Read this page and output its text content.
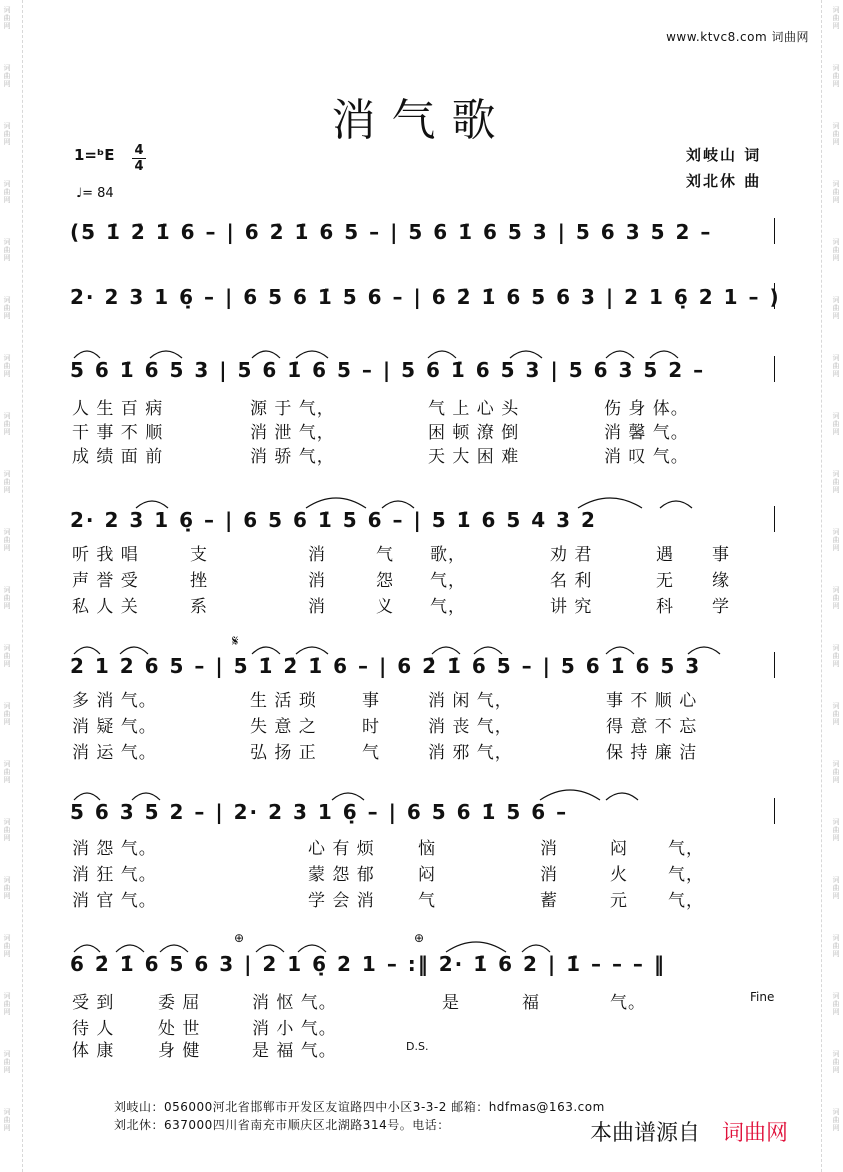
词
曲
网
词
曲
网
词
曲
网
词
曲
网
词
曲
网
词
曲
网
词
曲
网
词
曲
网
词
曲
网
词
曲
网
词
曲
网
词
曲
网
词
曲
网
词
曲
网
词
曲
网
词
曲
网
词
曲
网
词
曲
网
词
曲
网
词
曲
网
词
曲
网
词
曲
网
词
曲
网
词
曲
网
词
曲
网
词
曲
网
词
曲
网
词
曲
网
词
曲
网
词
曲
网
词
曲
网
词
曲
网
词
曲
网
词
曲
网
词
曲
网
词
曲
网
词
曲
网
词
曲
网
词
曲
网
词
曲
网
www.ktvc8.com 词曲网
消气歌
1=ᵇE 4
4
♩= 84
刘岐山 词
刘北休 曲
(5 1̇ 2̇ 1̇ 6 – | 6 2̇ 1̇ 6 5 – | 5 6 1̇ 6 5 3 | 5 6 3 5 2 –
2· 2 3 1 6̣ – | 6 5 6 1̇ 5 6 – | 6 2̇ 1̇ 6 5 6 3 | 2 1 6̣ 2 1 – )
5 6 1̇ 6 5 3 | 5 6 1̇ 6 5 – | 5 6 1̇ 6 5 3 | 5 6 3 5 2 –
2· 2 3 1 6̣ – | 6 5 6 1̇ 5 6 – | 5 1̇ 6 5 4 3 2
2 1 2 6 5 – | 5 1̇ 2̇ 1̇ 6 – | 6 2̇ 1̇ 6 5 – | 5 6 1̇ 6 5 3
5 6 3 5 2 – | 2· 2 3 1 6̣ – | 6 5 6 1̇ 5 6 –
6 2̇ 1̇ 6 5 6 3 | 2 1 6̣ 2 1 – :‖ 2· 1̇ 6 2 | 1̇ – – – ‖
𝄋
⊕	⊕
Fine
D.S.
人 生 百 病	源 于 气，	气 上 心 头	伤 身 体。
干 事 不 顺	消 泄 气，	困 顿 潦 倒	消 馨 气。
成 绩 面 前	消 骄 气，	天 大 困 难	消 叹 气。
听 我 唱	支	消	气 歌，	劝 君	遇 事
声 誉 受	挫	消	怨 气，	名 利	无 缘
私 人 关	系	消	义 气，	讲 究	科 学
多 消 气。	生 活 琐	事	消 闲 气，	事 不 顺 心
消 疑 气。	失 意 之	时	消 丧 气，	得 意 不 忘
消 运 气。	弘 扬 正	气	消 邪 气，	保 持 廉 洁
消 怨 气。	心 有 烦	恼	消	闷 气，
消 狂 气。	蒙 怨 郁	闷	消	火 气，
消 官 气。	学 会 消	气	蓄	元 气，
受 到	委 屈	消 怄 气。	是	福	气。
待 人	处 世	消 小 气。
体 康	身 健	是 福 气。
刘岐山：056000河北省邯郸市开发区友谊路四中小区3-3-2 邮箱：hdfmas@163.com
刘北休：637000四川省南充市顺庆区北湖路314号。电话：	本曲谱源自 词曲网
